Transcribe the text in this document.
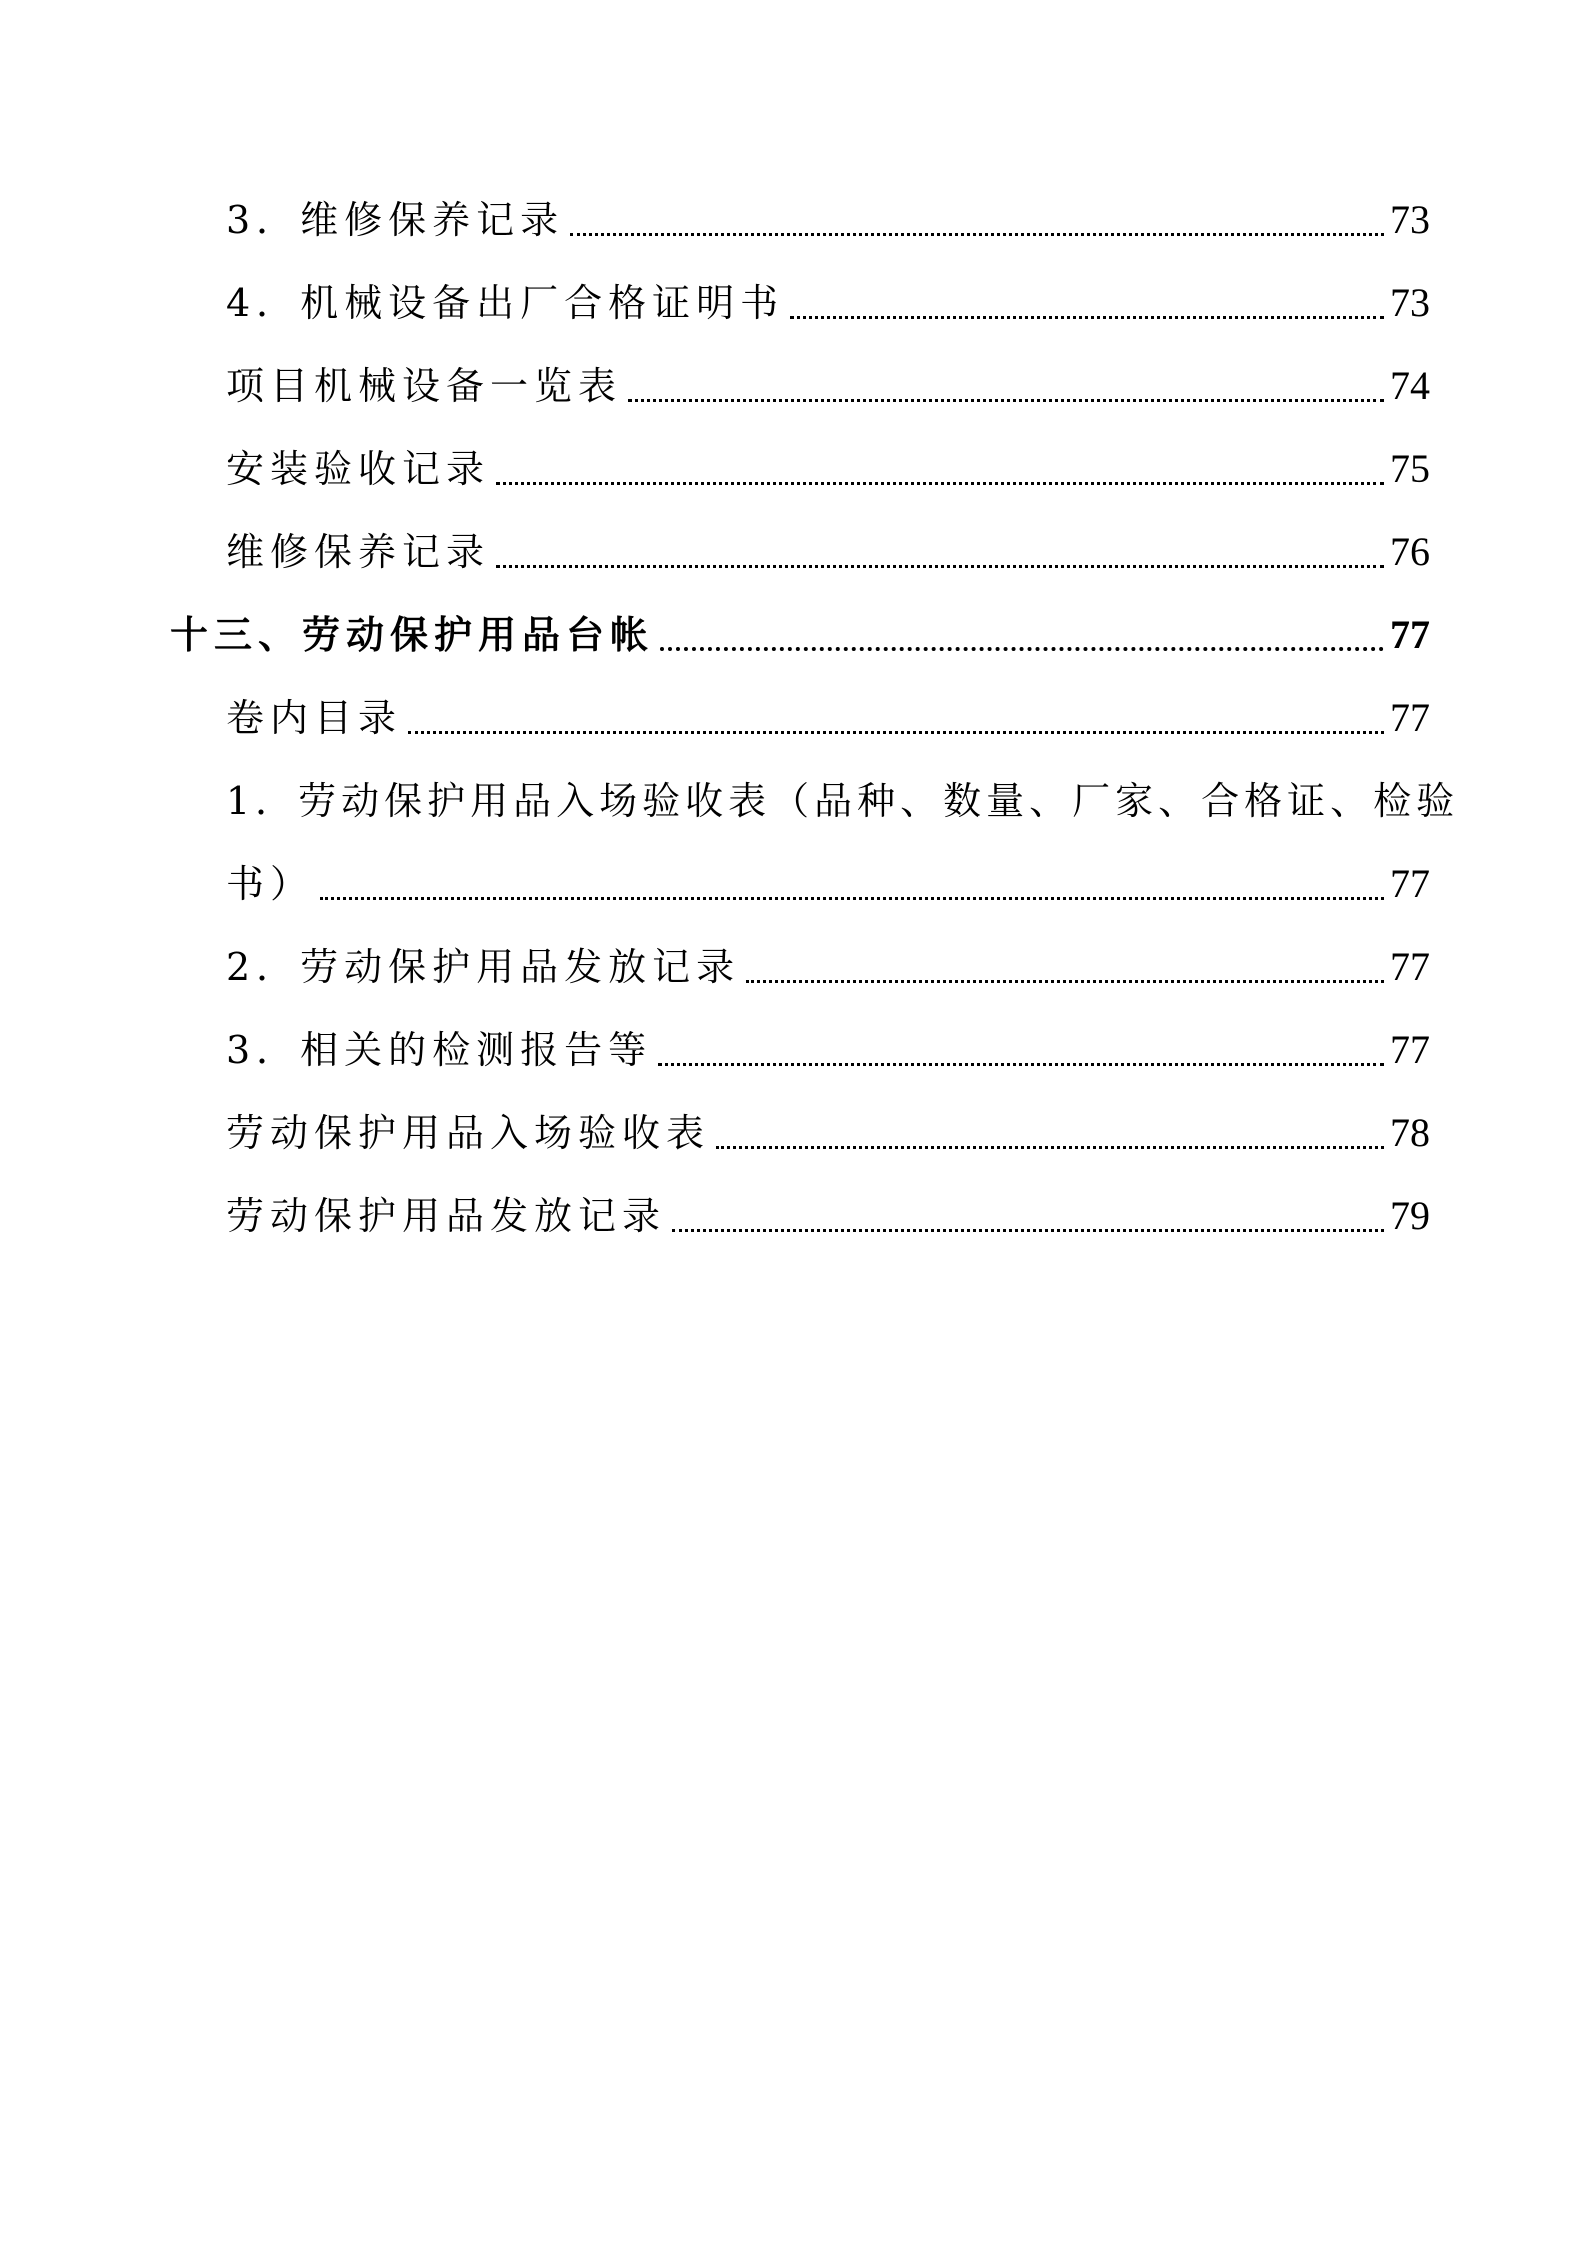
3．维修保养记录	73
4．机械设备出厂合格证明书	73
项目机械设备一览表	74
安装验收记录	75
维修保养记录	76
十三、劳动保护用品台帐	77
卷内目录	77
1．劳动保护用品入场验收表（品种、数量、厂家、合格证、检验
书）	77
2．劳动保护用品发放记录	77
3．相关的检测报告等	77
劳动保护用品入场验收表	78
劳动保护用品发放记录	79
